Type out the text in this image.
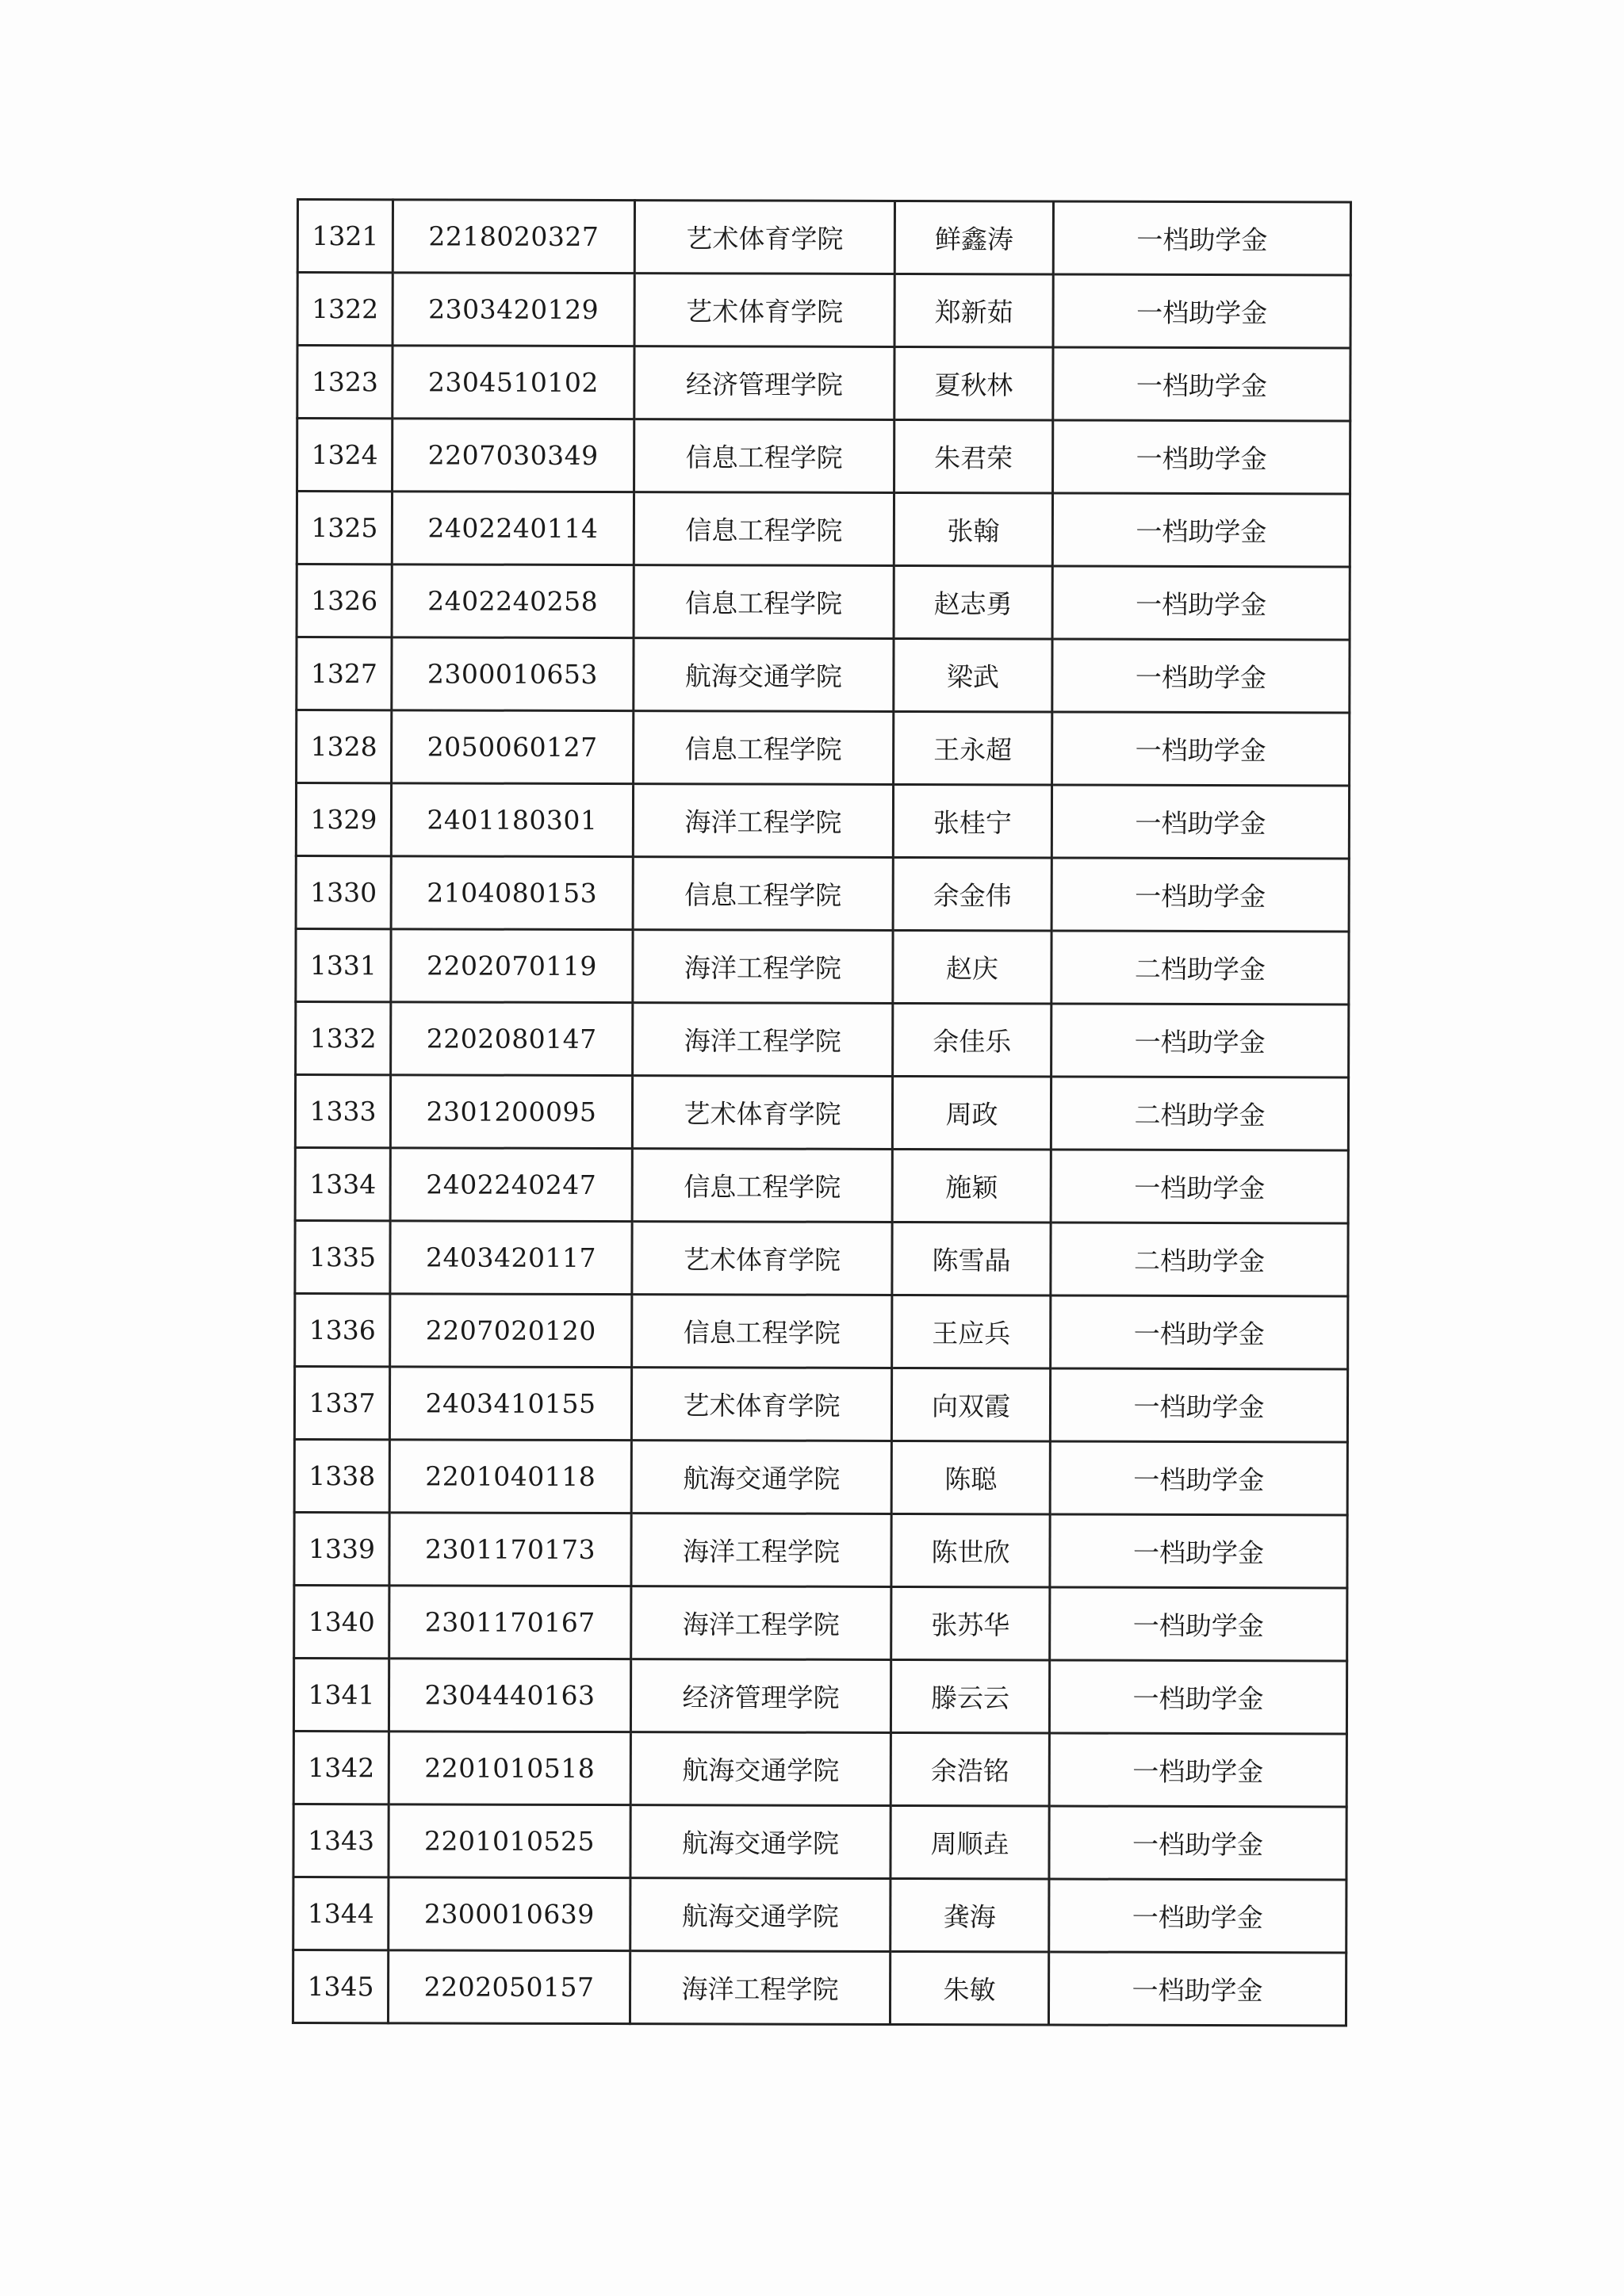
1321	2218020327	艺术体育学院	鲜鑫涛	一档助学金
1322	2303420129	艺术体育学院	郑新茹	一档助学金
1323	2304510102	经济管理学院	夏秋林	一档助学金
1324	2207030349	信息工程学院	朱君荣	一档助学金
1325	2402240114	信息工程学院	张翰	一档助学金
1326	2402240258	信息工程学院	赵志勇	一档助学金
1327	2300010653	航海交通学院	梁武	一档助学金
1328	2050060127	信息工程学院	王永超	一档助学金
1329	2401180301	海洋工程学院	张桂宁	一档助学金
1330	2104080153	信息工程学院	余金伟	一档助学金
1331	2202070119	海洋工程学院	赵庆	二档助学金
1332	2202080147	海洋工程学院	余佳乐	一档助学金
1333	2301200095	艺术体育学院	周政	二档助学金
1334	2402240247	信息工程学院	施颖	一档助学金
1335	2403420117	艺术体育学院	陈雪晶	二档助学金
1336	2207020120	信息工程学院	王应兵	一档助学金
1337	2403410155	艺术体育学院	向双霞	一档助学金
1338	2201040118	航海交通学院	陈聪	一档助学金
1339	2301170173	海洋工程学院	陈世欣	一档助学金
1340	2301170167	海洋工程学院	张苏华	一档助学金
1341	2304440163	经济管理学院	滕云云	一档助学金
1342	2201010518	航海交通学院	余浩铭	一档助学金
1343	2201010525	航海交通学院	周顺垚	一档助学金
1344	2300010639	航海交通学院	龚海	一档助学金
1345	2202050157	海洋工程学院	朱敏	一档助学金
